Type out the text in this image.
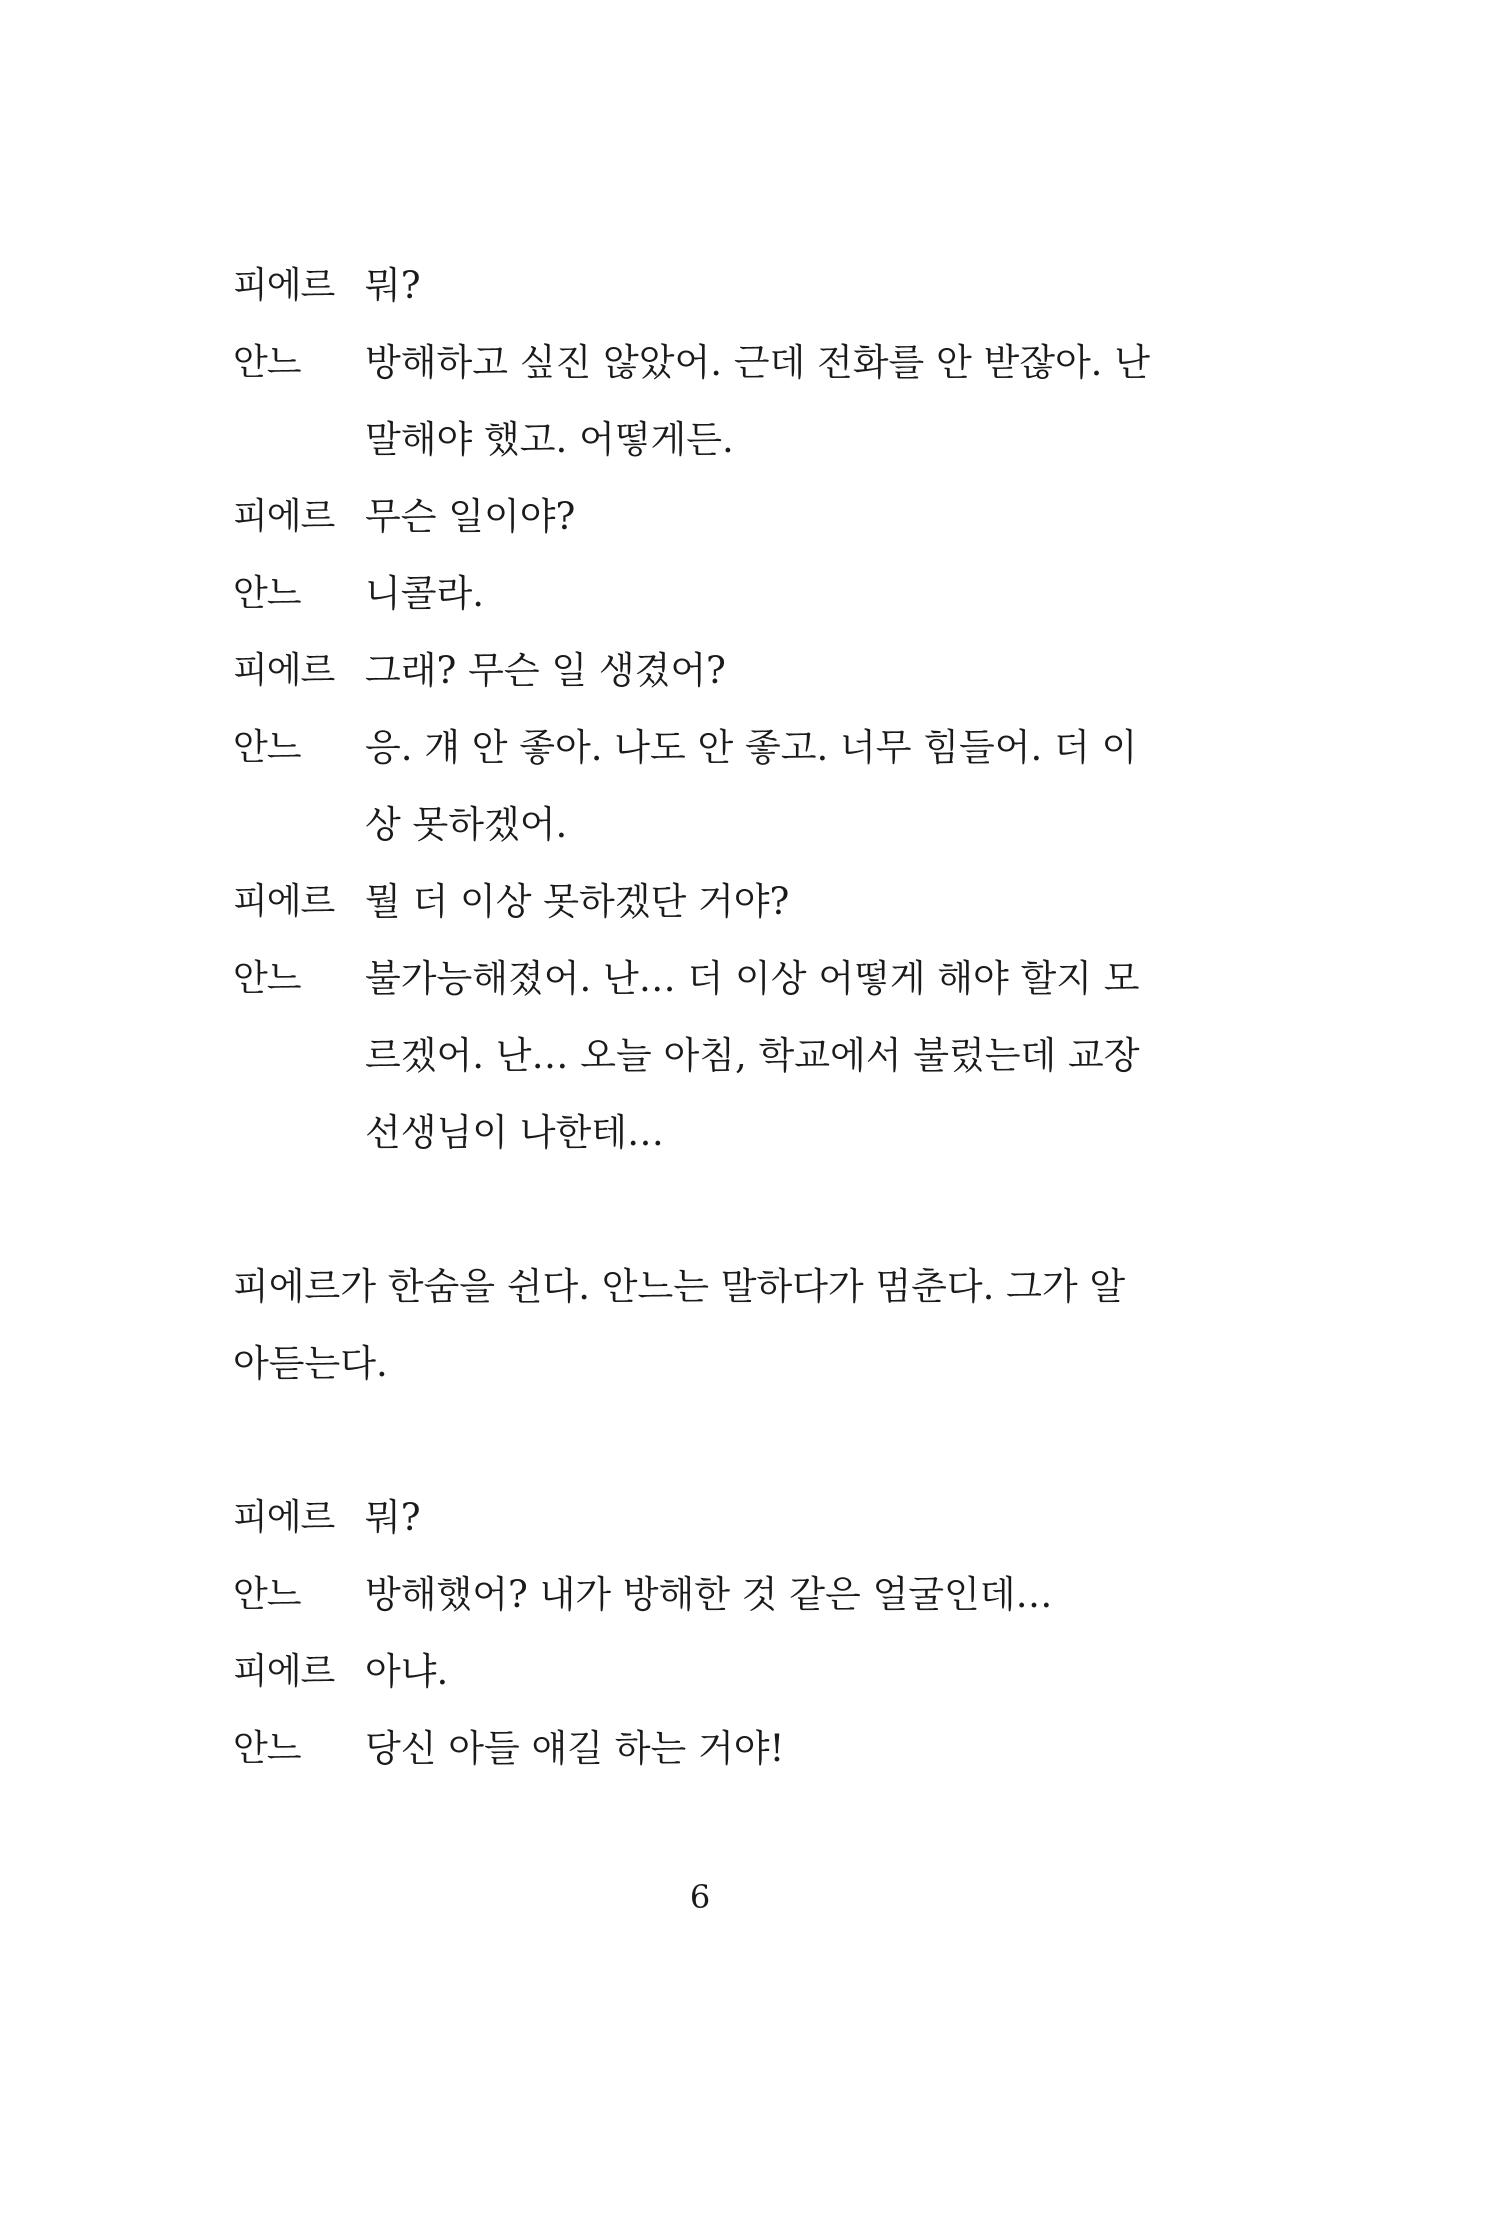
피에르 뭐?
안느	방해하고 싶진 않았어. 근데 전화를 안 받잖아. 난
말해야 했고. 어떻게든.
피에르 무슨 일이야?
안느	니콜라.
피에르 그래? 무슨 일 생겼어?
안느	응. 걔 안 좋아. 나도 안 좋고. 너무 힘들어. 더 이
상 못하겠어.
피에르 뭘 더 이상 못하겠단 거야?
안느	불가능해졌어. 난… 더 이상 어떻게 해야 할지 모
르겠어. 난… 오늘 아침, 학교에서 불렀는데 교장
선생님이 나한테…
피에르가 한숨을 쉰다. 안느는 말하다가 멈춘다. 그가 알
아듣는다.
피에르 뭐?
안느	방해했어? 내가 방해한 것 같은 얼굴인데…
피에르 아냐.
안느	당신 아들 얘길 하는 거야!
6
